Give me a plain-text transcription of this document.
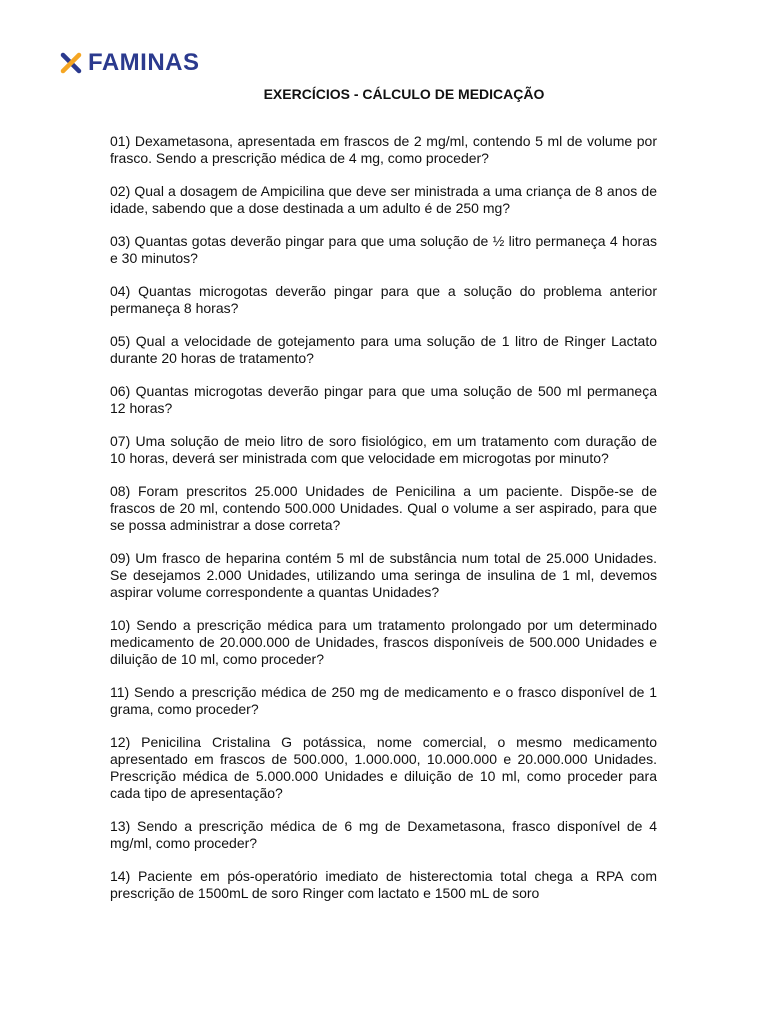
FAMINAS
EXERCÍCIOS - CÁLCULO DE MEDICAÇÃO

01) Dexametasona, apresentada em frascos de 2 mg/ml, contendo 5 ml de volume por frasco. Sendo a prescrição médica de 4 mg, como proceder?

02) Qual a dosagem de Ampicilina que deve ser ministrada a uma criança de 8 anos de idade, sabendo que a dose destinada a um adulto é de 250 mg?

03) Quantas gotas deverão pingar para que uma solução de ½ litro permaneça 4 horas e 30 minutos?

04) Quantas microgotas deverão pingar para que a solução do problema anterior permaneça 8 horas?

05) Qual a velocidade de gotejamento para uma solução de 1 litro de Ringer Lactato durante 20 horas de tratamento?

06) Quantas microgotas deverão pingar para que uma solução de 500 ml permaneça 12 horas?

07) Uma solução de meio litro de soro fisiológico, em um tratamento com duração de 10 horas, deverá ser ministrada com que velocidade em microgotas por minuto?

08) Foram prescritos 25.000 Unidades de Penicilina a um paciente. Dispõe-se de frascos de 20 ml, contendo 500.000 Unidades. Qual o volume a ser aspirado, para que se possa administrar a dose correta?

09) Um frasco de heparina contém 5 ml de substância num total de 25.000 Unidades. Se desejamos 2.000 Unidades, utilizando uma seringa de insulina de 1 ml, devemos aspirar volume correspondente a quantas Unidades?

10) Sendo a prescrição médica para um tratamento prolongado por um determinado medicamento de 20.000.000 de Unidades, frascos disponíveis de 500.000 Unidades e diluição de 10 ml, como proceder?

11) Sendo a prescrição médica de 250 mg de medicamento e o frasco disponível de 1 grama, como proceder?

12) Penicilina Cristalina G potássica, nome comercial, o mesmo medicamento apresentado em frascos de 500.000, 1.000.000, 10.000.000 e 20.000.000 Unidades. Prescrição médica de 5.000.000 Unidades e diluição de 10 ml, como proceder para cada tipo de apresentação?

13) Sendo a prescrição médica de 6 mg de Dexametasona, frasco disponível de 4 mg/ml, como proceder?

14) Paciente em pós-operatório imediato de histerectomia total chega a RPA com prescrição de 1500mL de soro Ringer com lactato e 1500 mL de soro
